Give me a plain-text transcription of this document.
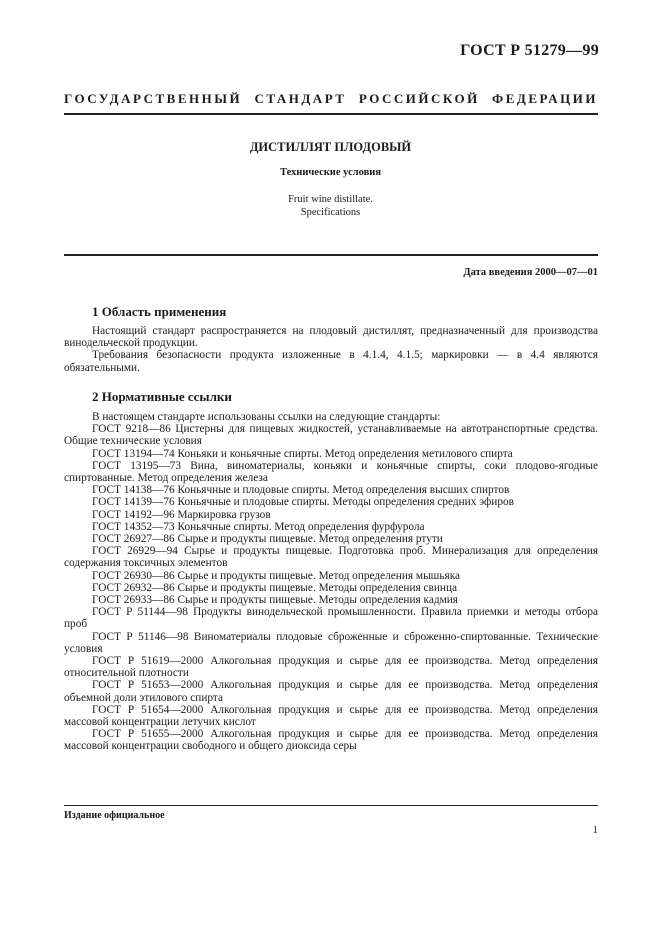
ГОСТ Р 51279—99
ГОСУДАРСТВЕННЫЙ СТАНДАРТ РОССИЙСКОЙ ФЕДЕРАЦИИ
ДИСТИЛЛЯТ ПЛОДОВЫЙ
Технические условия
Fruit wine distillate.
Specifications
Дата введения 2000—07—01
1 Область применения

Настоящий стандарт распространяется на плодовый дистиллят, предназначенный для производства винодельческой продукции.

Требования безопасности продукта изложенные в 4.1.4, 4.1.5; маркировки — в 4.4 являются обязательными.

2 Нормативные ссылки

В настоящем стандарте использованы ссылки на следующие стандарты:

ГОСТ 9218—86 Цистерны для пищевых жидкостей, устанавливаемые на автотранспортные средства. Общие технические условия

ГОСТ 13194—74 Коньяки и коньячные спирты. Метод определения метилового спирта

ГОСТ 13195—73 Вина, виноматериалы, коньяки и коньячные спирты, соки плодово-ягодные спиртованные. Метод определения железа

ГОСТ 14138—76 Коньячные и плодовые спирты. Метод определения высших спиртов

ГОСТ 14139—76 Коньячные и плодовые спирты. Методы определения средних эфиров

ГОСТ 14192—96 Маркировка грузов

ГОСТ 14352—73 Коньячные спирты. Метод определения фурфурола

ГОСТ 26927—86 Сырье и продукты пищевые. Метод определения ртути

ГОСТ 26929—94 Сырье и продукты пищевые. Подготовка проб. Минерализация для определения содержания токсичных элементов

ГОСТ 26930—86 Сырье и продукты пищевые. Метод определения мышьяка

ГОСТ 26932—86 Сырье и продукты пищевые. Методы определения свинца

ГОСТ 26933—86 Сырье и продукты пищевые. Методы определения кадмия

ГОСТ Р 51144—98 Продукты винодельческой промышленности. Правила приемки и методы отбора проб

ГОСТ Р 51146—98 Виноматериалы плодовые сброженные и сброженно-спиртованные. Технические условия

ГОСТ Р 51619—2000 Алкогольная продукция и сырье для ее производства. Метод определения относительной плотности

ГОСТ Р 51653—2000 Алкогольная продукция и сырье для ее производства. Метод определения объемной доли этилового спирта

ГОСТ Р 51654—2000 Алкогольная продукция и сырье для ее производства. Метод определения массовой концентрации летучих кислот

ГОСТ Р 51655—2000 Алкогольная продукция и сырье для ее производства. Метод определения массовой концентрации свободного и общего диоксида серы

Издание официальное
1
